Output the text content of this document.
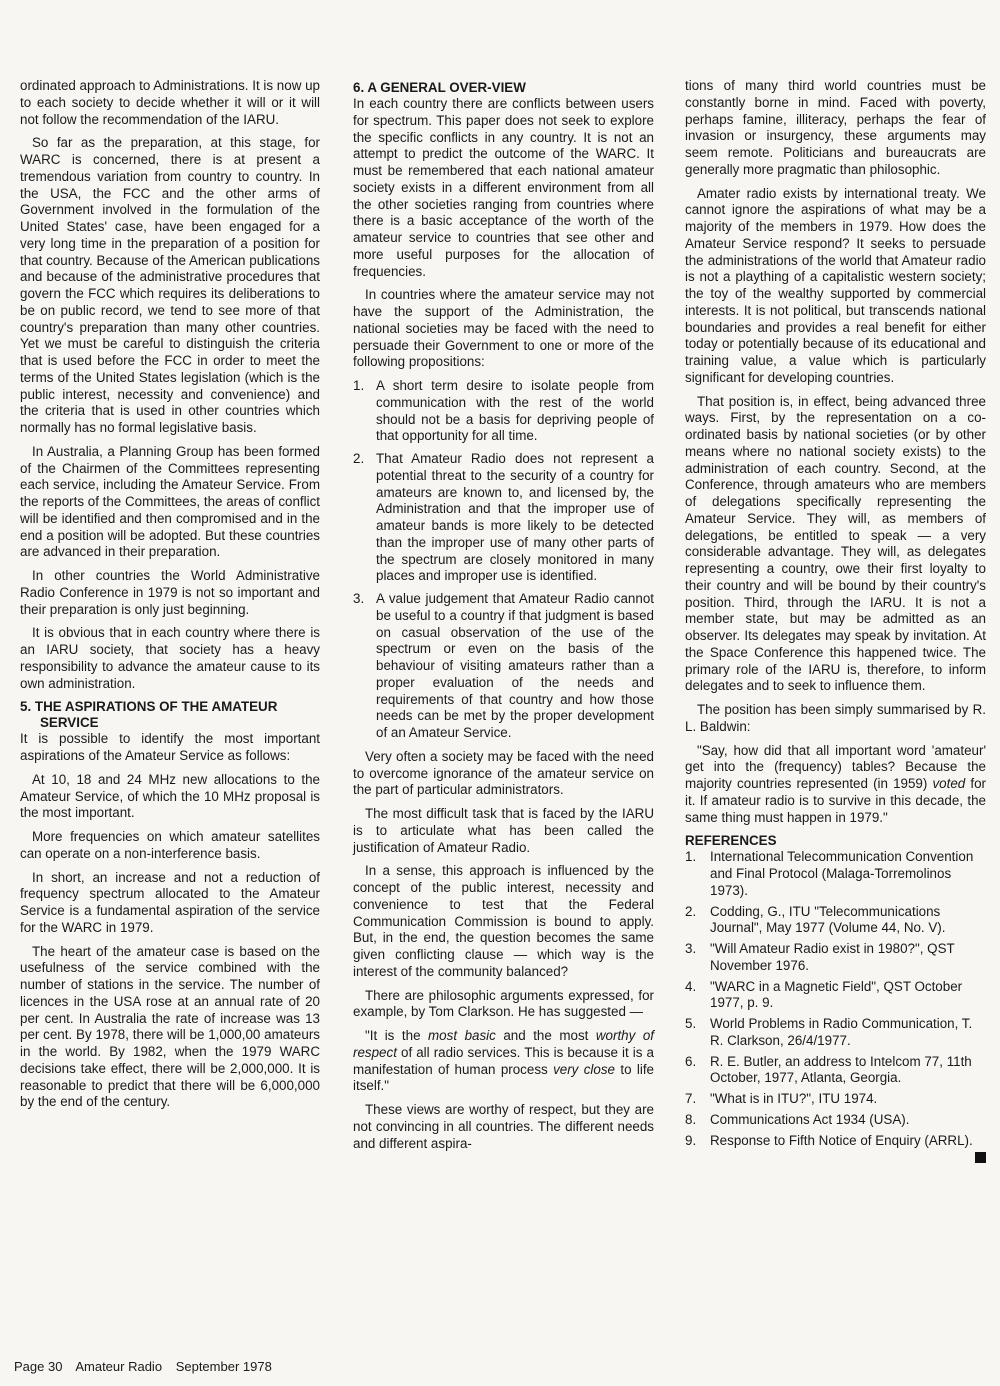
ordinated approach to Administrations. It is now up to each society to decide whether it will or it will not follow the recommendation of the IARU.

So far as the preparation, at this stage, for WARC is concerned, there is at present a tremendous variation from country to country. In the USA, the FCC and the other arms of Government involved in the formulation of the United States' case, have been engaged for a very long time in the preparation of a position for that country. Because of the American publications and because of the administrative procedures that govern the FCC which requires its deliberations to be on public record, we tend to see more of that country's preparation than many other countries. Yet we must be careful to distinguish the criteria that is used before the FCC in order to meet the terms of the United States legislation (which is the public interest, necessity and convenience) and the criteria that is used in other countries which normally has no formal legislative basis.

In Australia, a Planning Group has been formed of the Chairmen of the Committees representing each service, including the Amateur Service. From the reports of the Committees, the areas of conflict will be identified and then compromised and in the end a position will be adopted. But these countries are advanced in their preparation.

In other countries the World Administrative Radio Conference in 1979 is not so important and their preparation is only just beginning.

It is obvious that in each country where there is an IARU society, that society has a heavy responsibility to advance the amateur cause to its own administration.

5. THE ASPIRATIONS OF THE AMATEUR
SERVICE

It is possible to identify the most important aspirations of the Amateur Service as follows:

At 10, 18 and 24 MHz new allocations to the Amateur Service, of which the 10 MHz proposal is the most important.

More frequencies on which amateur satellites can operate on a non-interference basis.

In short, an increase and not a reduction of frequency spectrum allocated to the Amateur Service is a fundamental aspiration of the service for the WARC in 1979.

The heart of the amateur case is based on the usefulness of the service combined with the number of stations in the service. The number of licences in the USA rose at an annual rate of 20 per cent. In Australia the rate of increase was 13 per cent. By 1978, there will be 1,000,00 amateurs in the world. By 1982, when the 1979 WARC decisions take effect, there will be 2,000,000. It is reasonable to predict that there will be 6,000,000 by the end of the century.

6. A GENERAL OVER-VIEW

In each country there are conflicts between users for spectrum. This paper does not seek to explore the specific conflicts in any country. It is not an attempt to predict the outcome of the WARC. It must be remembered that each national amateur society exists in a different environment from all the other societies ranging from countries where there is a basic acceptance of the worth of the amateur service to countries that see other and more useful purposes for the allocation of frequencies.

In countries where the amateur service may not have the support of the Administration, the national societies may be faced with the need to persuade their Government to one or more of the following propositions:

1. A short term desire to isolate people from communication with the rest of the world should not be a basis for depriving people of that opportunity for all time.
2. That Amateur Radio does not represent a potential threat to the security of a country for amateurs are known to, and licensed by, the Administration and that the improper use of amateur bands is more likely to be detected than the improper use of many other parts of the spectrum are closely monitored in many places and improper use is identified.
3. A value judgement that Amateur Radio cannot be useful to a country if that judgment is based on casual observation of the use of the spectrum or even on the basis of the behaviour of visiting amateurs rather than a proper evaluation of the needs and requirements of that country and how those needs can be met by the proper development of an Amateur Service.

Very often a society may be faced with the need to overcome ignorance of the amateur service on the part of particular administrators.

The most difficult task that is faced by the IARU is to articulate what has been called the justification of Amateur Radio.

In a sense, this approach is influenced by the concept of the public interest, necessity and convenience to test that the Federal Communication Commission is bound to apply. But, in the end, the question becomes the same given conflicting clause — which way is the interest of the community balanced?

There are philosophic arguments expressed, for example, by Tom Clarkson. He has suggested —

"It is the most basic and the most worthy of respect of all radio services. This is because it is a manifestation of human process very close to life itself."

These views are worthy of respect, but they are not convincing in all countries. The different needs and different aspira-

tions of many third world countries must be constantly borne in mind. Faced with poverty, perhaps famine, illiteracy, perhaps the fear of invasion or insurgency, these arguments may seem remote. Politicians and bureaucrats are generally more pragmatic than philosophic.

Amater radio exists by international treaty. We cannot ignore the aspirations of what may be a majority of the members in 1979. How does the Amateur Service respond? It seeks to persuade the administrations of the world that Amateur radio is not a plaything of a capitalistic western society; the toy of the wealthy supported by commercial interests. It is not political, but transcends national boundaries and provides a real benefit for either today or potentially because of its educational and training value, a value which is particularly significant for developing countries.

That position is, in effect, being advanced three ways. First, by the representation on a co-ordinated basis by national societies (or by other means where no national society exists) to the administration of each country. Second, at the Conference, through amateurs who are members of delegations specifically representing the Amateur Service. They will, as members of delegations, be entitled to speak — a very considerable advantage. They will, as delegates representing a country, owe their first loyalty to their country and will be bound by their country's position. Third, through the IARU. It is not a member state, but may be admitted as an observer. Its delegates may speak by invitation. At the Space Conference this happened twice. The primary role of the IARU is, therefore, to inform delegates and to seek to influence them.

The position has been simply summarised by R. L. Baldwin:

"Say, how did that all important word 'amateur' get into the (frequency) tables? Because the majority countries represented (in 1959) voted for it. If amateur radio is to survive in this decade, the same thing must happen in 1979."

REFERENCES
1. International Telecommunication Convention and Final Protocol (Malaga-Torremolinos 1973).
2. Codding, G., ITU "Telecommunications Journal", May 1977 (Volume 44, No. V).
3. "Will Amateur Radio exist in 1980?", QST November 1976.
4. "WARC in a Magnetic Field", QST October 1977, p. 9.
5. World Problems in Radio Communication, T. R. Clarkson, 26/4/1977.
6. R. E. Butler, an address to Intelcom 77, 11th October, 1977, Atlanta, Georgia.
7. "What is in ITU?", ITU 1974.
8. Communications Act 1934 (USA).
9. Response to Fifth Notice of Enquiry (ARRL).
Page 30 Amateur Radio September 1978
